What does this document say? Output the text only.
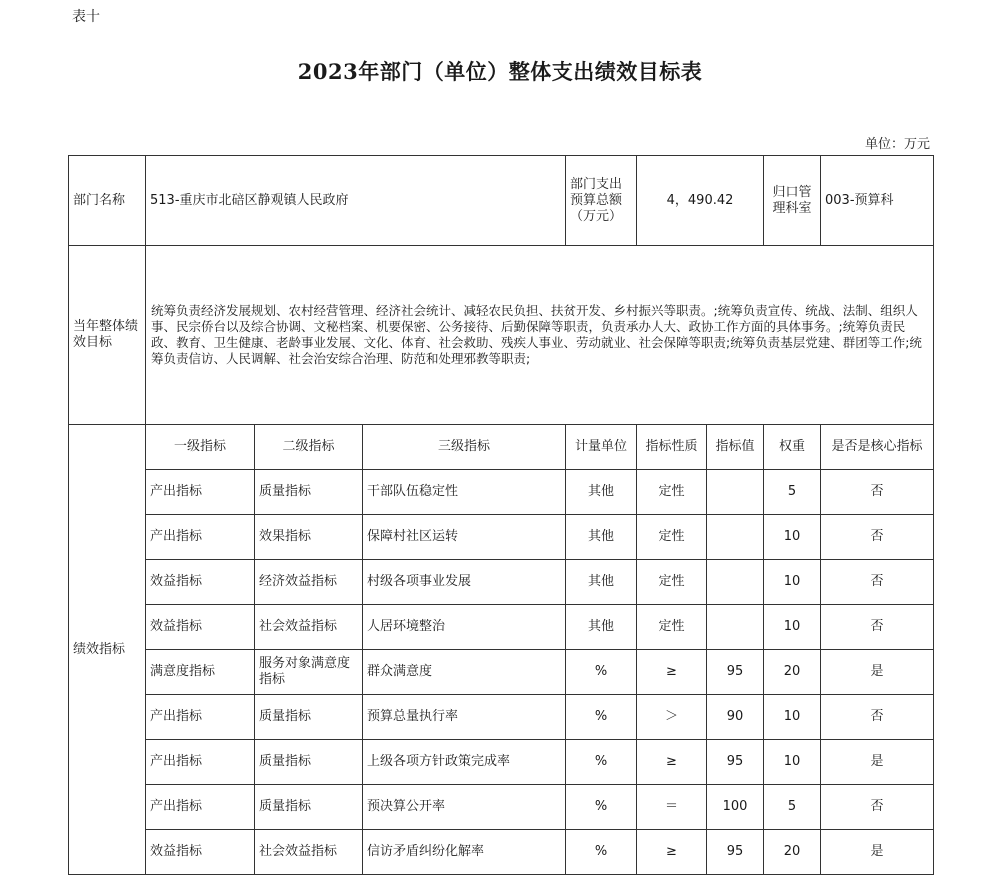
表十
2023年部门（单位）整体支出绩效目标表
单位：万元
部门名称	513-重庆市北碚区静观镇人民政府			部门支出预算总额（万元）	4，490.42		归口管理科室	003-预算科
当年整体绩效目标	统筹负责经济发展规划、农村经营管理、经济社会统计、减轻农民负担、扶贫开发、乡村振兴等职责。;统筹负责宣传、统战、法制、组织人事、民宗侨台以及综合协调、文秘档案、机要保密、公务接待、后勤保障等职责，负责承办人大、政协工作方面的具体事务。;统筹负责民政、教育、卫生健康、老龄事业发展、文化、体育、社会救助、残疾人事业、劳动就业、社会保障等职责;统筹负责基层党建、群团等工作;统筹负责信访、人民调解、社会治安综合治理、防范和处理邪教等职责;							
绩效指标	一级指标	二级指标	三级指标	计量单位	指标性质	指标值	权重	是否是核心指标
	产出指标	质量指标	干部队伍稳定性	其他	定性		5	否
	产出指标	效果指标	保障村社区运转	其他	定性		10	否
	效益指标	经济效益指标	村级各项事业发展	其他	定性		10	否
	效益指标	社会效益指标	人居环境整治	其他	定性		10	否
	满意度指标	服务对象满意度指标	群众满意度	%	≥	95	20	是
	产出指标	质量指标	预算总量执行率	%	＞	90	10	否
	产出指标	质量指标	上级各项方针政策完成率	%	≥	95	10	是
	产出指标	质量指标	预决算公开率	%	＝	100	5	否
	效益指标	社会效益指标	信访矛盾纠纷化解率	%	≥	95	20	是
